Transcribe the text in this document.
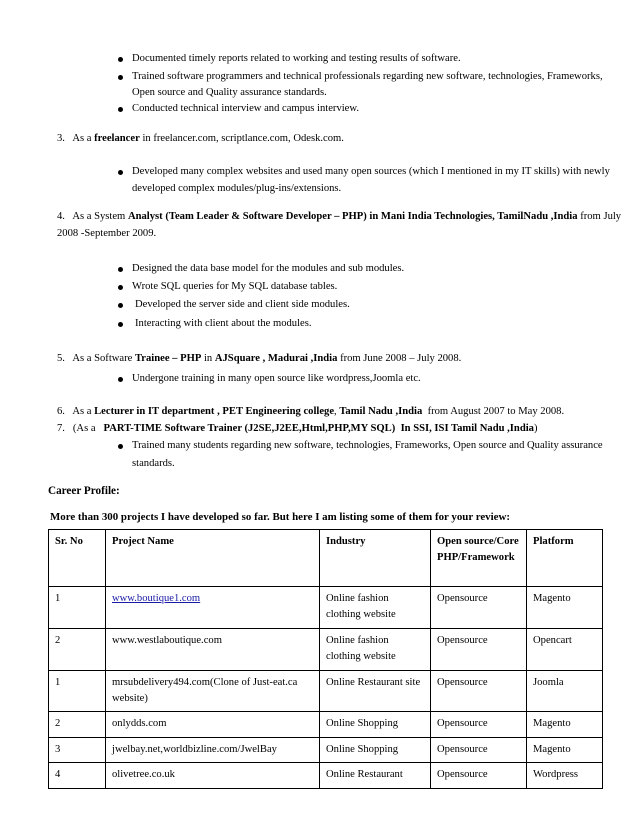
Documented timely reports related to working and testing results of software.
Trained software programmers and technical professionals regarding new software, technologies, Frameworks,
Open source and Quality assurance standards.
Conducted technical interview and campus interview.
3. As a freelancer in freelancer.com, scriptlance.com, Odesk.com.
Developed many complex websites and used many open sources (which I mentioned in my IT skills) with newly
developed complex modules/plug-ins/extensions.
4. As a System Analyst (Team Leader & Software Developer – PHP) in Mani India Technologies, TamilNadu ,India from July
2008 -September 2009.
Designed the data base model for the modules and sub modules.
Wrote SQL queries for My SQL database tables.
Developed the server side and client side modules.
Interacting with client about the modules.
5. As a Software Trainee – PHP in AJSquare , Madurai ,India from June 2008 – July 2008.
Undergone training in many open source like wordpress,Joomla etc.
6. As a Lecturer in IT department , PET Engineering college, Tamil Nadu ,India from August 2007 to May 2008.
7. (As a PART-TIME Software Trainer (J2SE,J2EE,Html,PHP,MY SQL) In SSI, ISI Tamil Nadu ,India)
Trained many students regarding new software, technologies, Frameworks, Open source and Quality assurance
standards.
Career Profile:
More than 300 projects I have developed so far. But here I am listing some of them for your review:
Sr. No	Project Name	Industry	Open source/Core PHP/Framework	Platform
1	www.boutique1.com	Online fashion clothing website	Opensource	Magento
2	www.westlaboutique.com	Online fashion clothing website	Opensource	Opencart
1	mrsubdelivery494.com(Clone of Just-eat.ca website)	Online Restaurant site	Opensource	Joomla
2	onlydds.com	Online Shopping	Opensource	Magento
3	jwelbay.net,worldbizline.com/JwelBay	Online Shopping	Opensource	Magento
4	olivetree.co.uk	Online Restaurant	Opensource	Wordpress
